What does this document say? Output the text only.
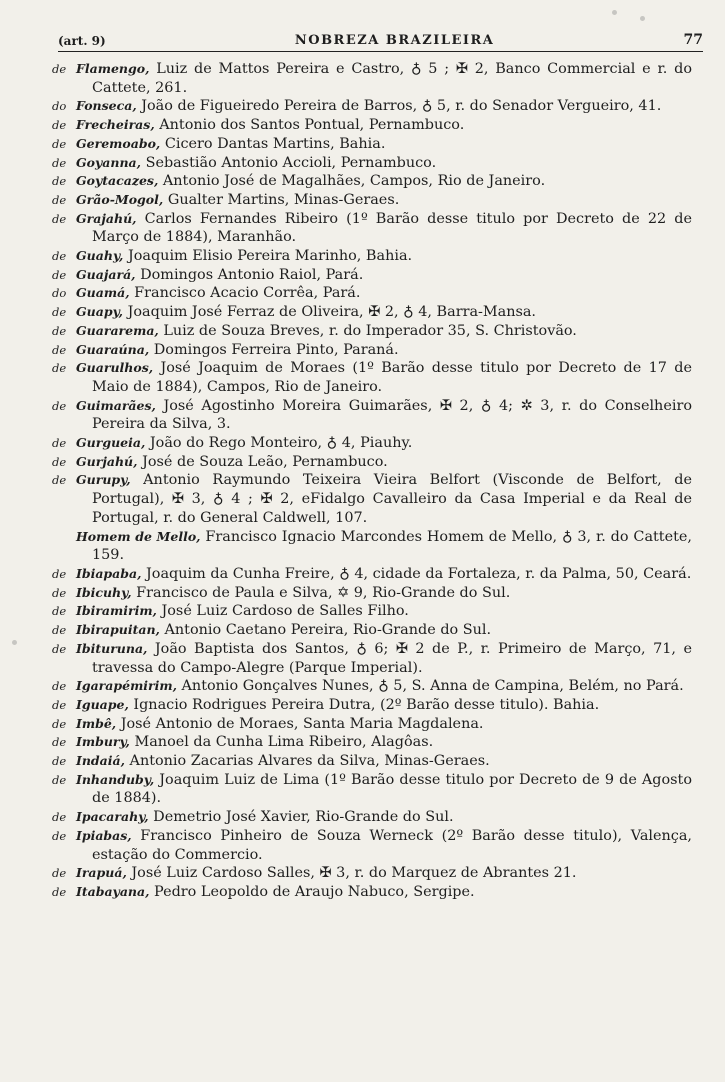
(art. 9)	NOBREZA BRAZILEIRA	77

de Flamengo, Luiz de Mattos Pereira e Castro, ♁ 5 ; ✠ 2, Banco Commercial e r. do Cattete, 261.

do Fonseca, João de Figueiredo Pereira de Barros, ♁ 5, r. do Senador Vergueiro, 41.

de Frecheiras, Antonio dos Santos Pontual, Pernambuco.

de Geremoabo, Cicero Dantas Martins, Bahia.

de Goyanna, Sebastião Antonio Accioli, Pernambuco.

de Goytacazes, Antonio José de Magalhães, Campos, Rio de Janeiro.

de Grão-Mogol, Gualter Martins, Minas-Geraes.

de Grajahú, Carlos Fernandes Ribeiro (1º Barão desse titulo por Decreto de 22 de Março de 1884), Maranhão.

de Guahy, Joaquim Elisio Pereira Marinho, Bahia.

de Guajará, Domingos Antonio Raiol, Pará.

do Guamá, Francisco Acacio Corrêa, Pará.

de Guapy, Joaquim José Ferraz de Oliveira, ✠ 2, ♁ 4, Barra-Mansa.

de Guararema, Luiz de Souza Breves, r. do Imperador 35, S. Christovão.

de Guaraúna, Domingos Ferreira Pinto, Paraná.

de Guarulhos, José Joaquim de Moraes (1º Barão desse titulo por Decreto de 17 de Maio de 1884), Campos, Rio de Janeiro.

de Guimarães, José Agostinho Moreira Guimarães, ✠ 2, ♁ 4; ✲ 3, r. do Conselheiro Pereira da Silva, 3.

de Gurgueia, João do Rego Monteiro, ♁ 4, Piauhy.

de Gurjahú, José de Souza Leão, Pernambuco.

de Gurupy, Antonio Raymundo Teixeira Vieira Belfort (Visconde de Belfort, de Portugal), ✠ 3, ♁ 4 ; ✠ 2, eFidalgo Cavalleiro da Casa Imperial e da Real de Portugal, r. do General Caldwell, 107.

Homem de Mello, Francisco Ignacio Marcondes Homem de Mello, ♁ 3, r. do Cattete, 159.

de Ibiapaba, Joaquim da Cunha Freire, ♁ 4, cidade da Fortaleza, r. da Palma, 50, Ceará.

de Ibicuhy, Francisco de Paula e Silva, ✡ 9, Rio-Grande do Sul.

de Ibiramirim, José Luiz Cardoso de Salles Filho.

de Ibirapuitan, Antonio Caetano Pereira, Rio-Grande do Sul.

de Ibituruna, João Baptista dos Santos, ♁ 6; ✠ 2 de P., r. Primeiro de Março, 71, e travessa do Campo-Alegre (Parque Imperial).

de Igarapémirim, Antonio Gonçalves Nunes, ♁ 5, S. Anna de Campina, Belém, no Pará.

de Iguape, Ignacio Rodrigues Pereira Dutra, (2º Barão desse titulo). Bahia.

de Imbê, José Antonio de Moraes, Santa Maria Magdalena.

de Imbury, Manoel da Cunha Lima Ribeiro, Alagôas.

de Indaiá, Antonio Zacarias Alvares da Silva, Minas-Geraes.

de Inhanduby, Joaquim Luiz de Lima (1º Barão desse titulo por Decreto de 9 de Agosto de 1884).

de Ipacarahy, Demetrio José Xavier, Rio-Grande do Sul.

de Ipiabas, Francisco Pinheiro de Souza Werneck (2º Barão desse titulo), Valença, estação do Commercio.

de Irapuá, José Luiz Cardoso Salles, ✠ 3, r. do Marquez de Abrantes 21.

de Itabayana, Pedro Leopoldo de Araujo Nabuco, Sergipe.
